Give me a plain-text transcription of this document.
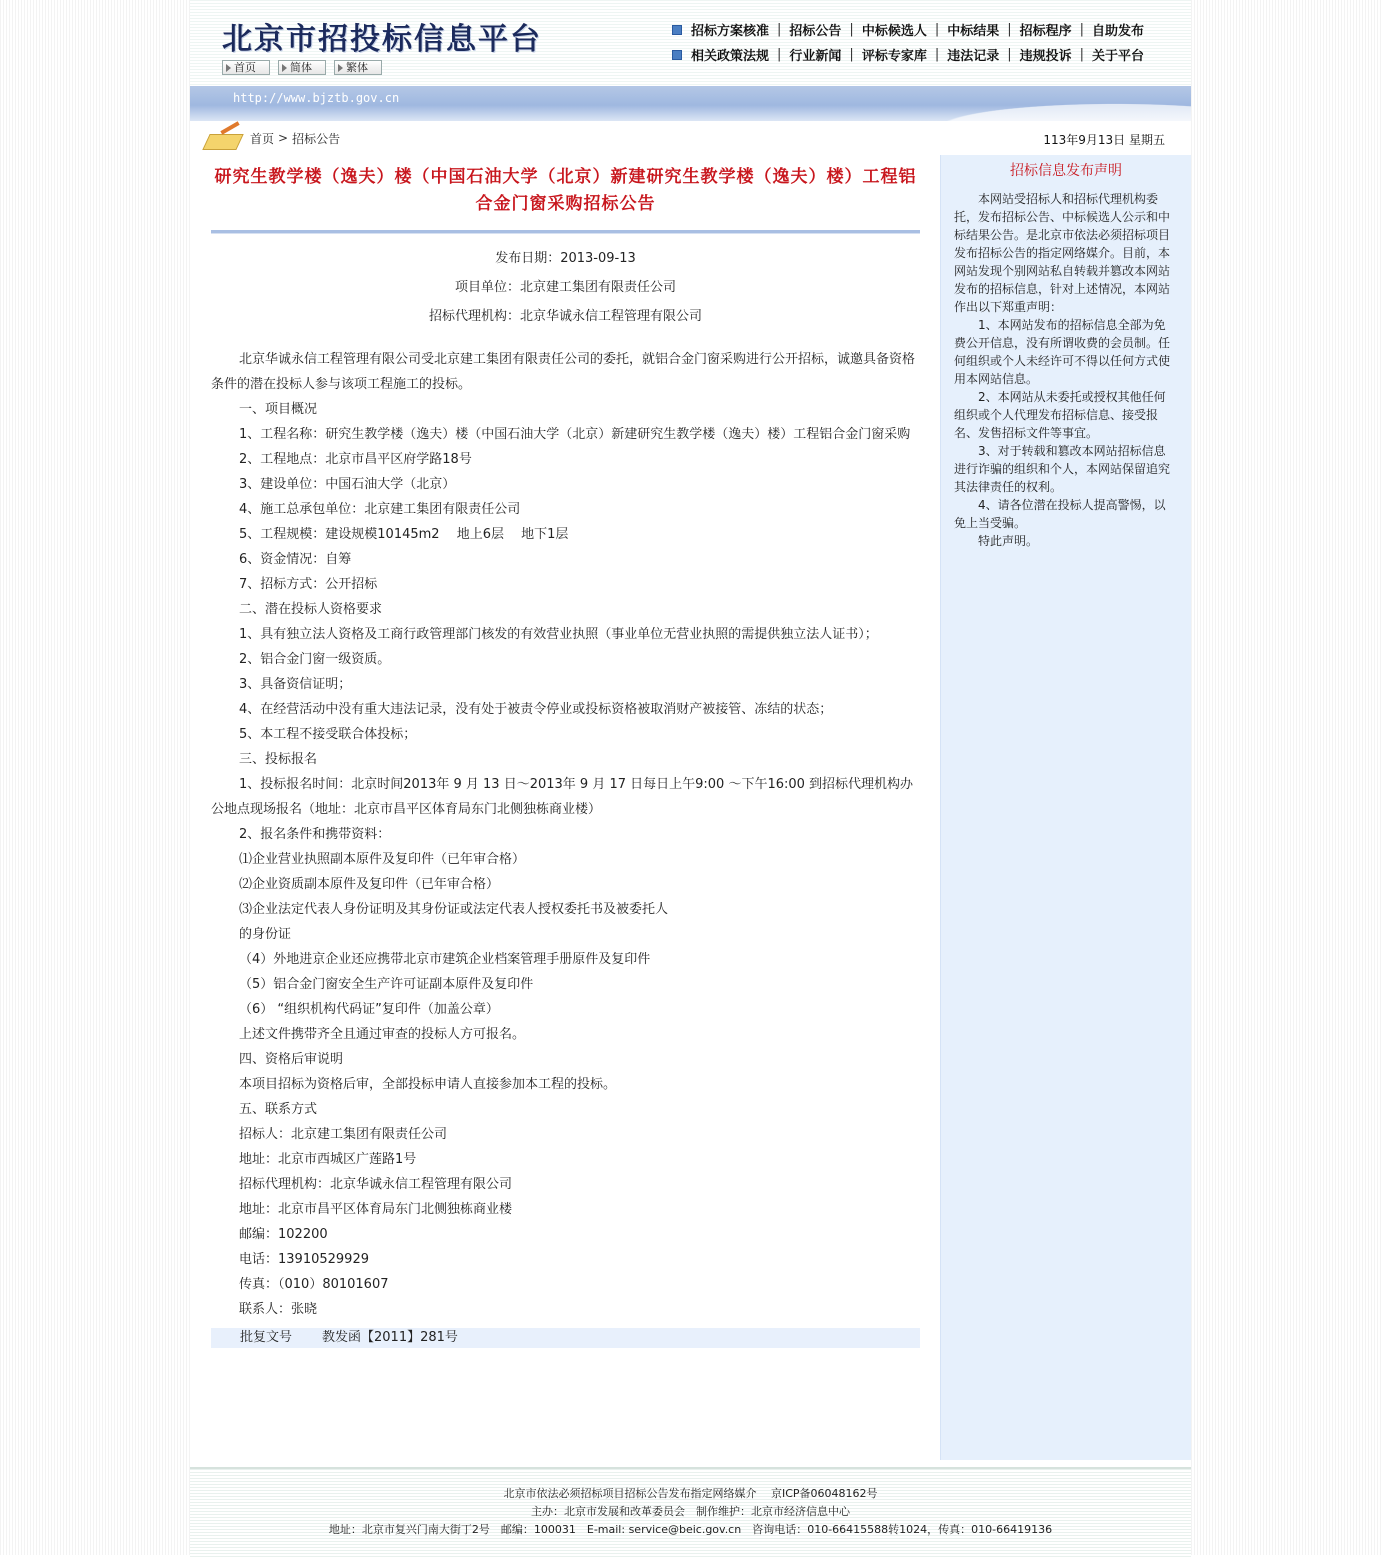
北京市招投标信息平台
首页	简体	繁体
招标方案核准 | 招标公告 | 中标候选人 | 中标结果 | 招标程序 | 自助发布
相关政策法规 | 行业新闻 | 评标专家库 | 违法记录 | 违规投诉 | 关于平台
http://www.bjztb.gov.cn
首页 > 招标公告	113年9月13日 星期五
研究生教学楼（逸夫）楼（中国石油大学（北京）新建研究生教学楼（逸夫）楼）工程铝合金门窗采购招标公告
发布日期：2013-09-13
项目单位：北京建工集团有限责任公司
招标代理机构：北京华诚永信工程管理有限公司

北京华诚永信工程管理有限公司受北京建工集团有限责任公司的委托，就铝合金门窗采购进行公开招标，诚邀具备资格条件的潜在投标人参与该项工程施工的投标。

一、项目概况

1、工程名称：研究生教学楼（逸夫）楼（中国石油大学（北京）新建研究生教学楼（逸夫）楼）工程铝合金门窗采购

2、工程地点：北京市昌平区府学路18号

3、建设单位：中国石油大学（北京）

4、施工总承包单位：北京建工集团有限责任公司

5、工程规模：建设规模10145m2　 地上6层　 地下1层

6、资金情况：自筹

7、招标方式：公开招标

二、潜在投标人资格要求

1、具有独立法人资格及工商行政管理部门核发的有效营业执照（事业单位无营业执照的需提供独立法人证书）；

2、铝合金门窗一级资质。

3、具备资信证明；

4、在经营活动中没有重大违法记录，没有处于被责令停业或投标资格被取消财产被接管、冻结的状态；

5、本工程不接受联合体投标；

三、投标报名

1、投标报名时间：北京时间2013年 9 月 13 日～2013年 9 月 17 日每日上午9:00 ～下午16:00 到招标代理机构办公地点现场报名（地址：北京市昌平区体育局东门北侧独栋商业楼）

2、报名条件和携带资料：

⑴企业营业执照副本原件及复印件（已年审合格）

⑵企业资质副本原件及复印件（已年审合格）

⑶企业法定代表人身份证明及其身份证或法定代表人授权委托书及被委托人

的身份证

（4）外地进京企业还应携带北京市建筑企业档案管理手册原件及复印件

（5）铝合金门窗安全生产许可证副本原件及复印件

（6） “组织机构代码证”复印件（加盖公章）

上述文件携带齐全且通过审查的投标人方可报名。

四、资格后审说明

本项目招标为资格后审，全部投标申请人直接参加本工程的投标。

五、联系方式

招标人：北京建工集团有限责任公司

地址：北京市西城区广莲路1号

招标代理机构：北京华诚永信工程管理有限公司

地址：北京市昌平区体育局东门北侧独栋商业楼

邮编：102200

电话：13910529929

传真：（010）80101607

联系人：张晓

批复文号 教发函【2011】281号
招标信息发布声明

本网站受招标人和招标代理机构委托，发布招标公告、中标候选人公示和中标结果公告。是北京市依法必须招标项目发布招标公告的指定网络媒介。目前，本网站发现个别网站私自转载并篡改本网站发布的招标信息，针对上述情况，本网站作出以下郑重声明：

1、本网站发布的招标信息全部为免费公开信息，没有所谓收费的会员制。任何组织或个人未经许可不得以任何方式使用本网站信息。

2、本网站从未委托或授权其他任何组织或个人代理发布招标信息、接受报名、发售招标文件等事宜。

3、对于转载和篡改本网站招标信息进行诈骗的组织和个人，本网站保留追究其法律责任的权利。

4、请各位潜在投标人提高警惕，以免上当受骗。

特此声明。

北京市依法必须招标项目招标公告发布指定网络媒介　 京ICP备06048162号
主办：北京市发展和改革委员会　制作维护：北京市经济信息中心
地址：北京市复兴门南大街丁2号　邮编：100031　E-mail: service@beic.gov.cn　咨询电话：010-66415588转1024，传真：010-66419136
